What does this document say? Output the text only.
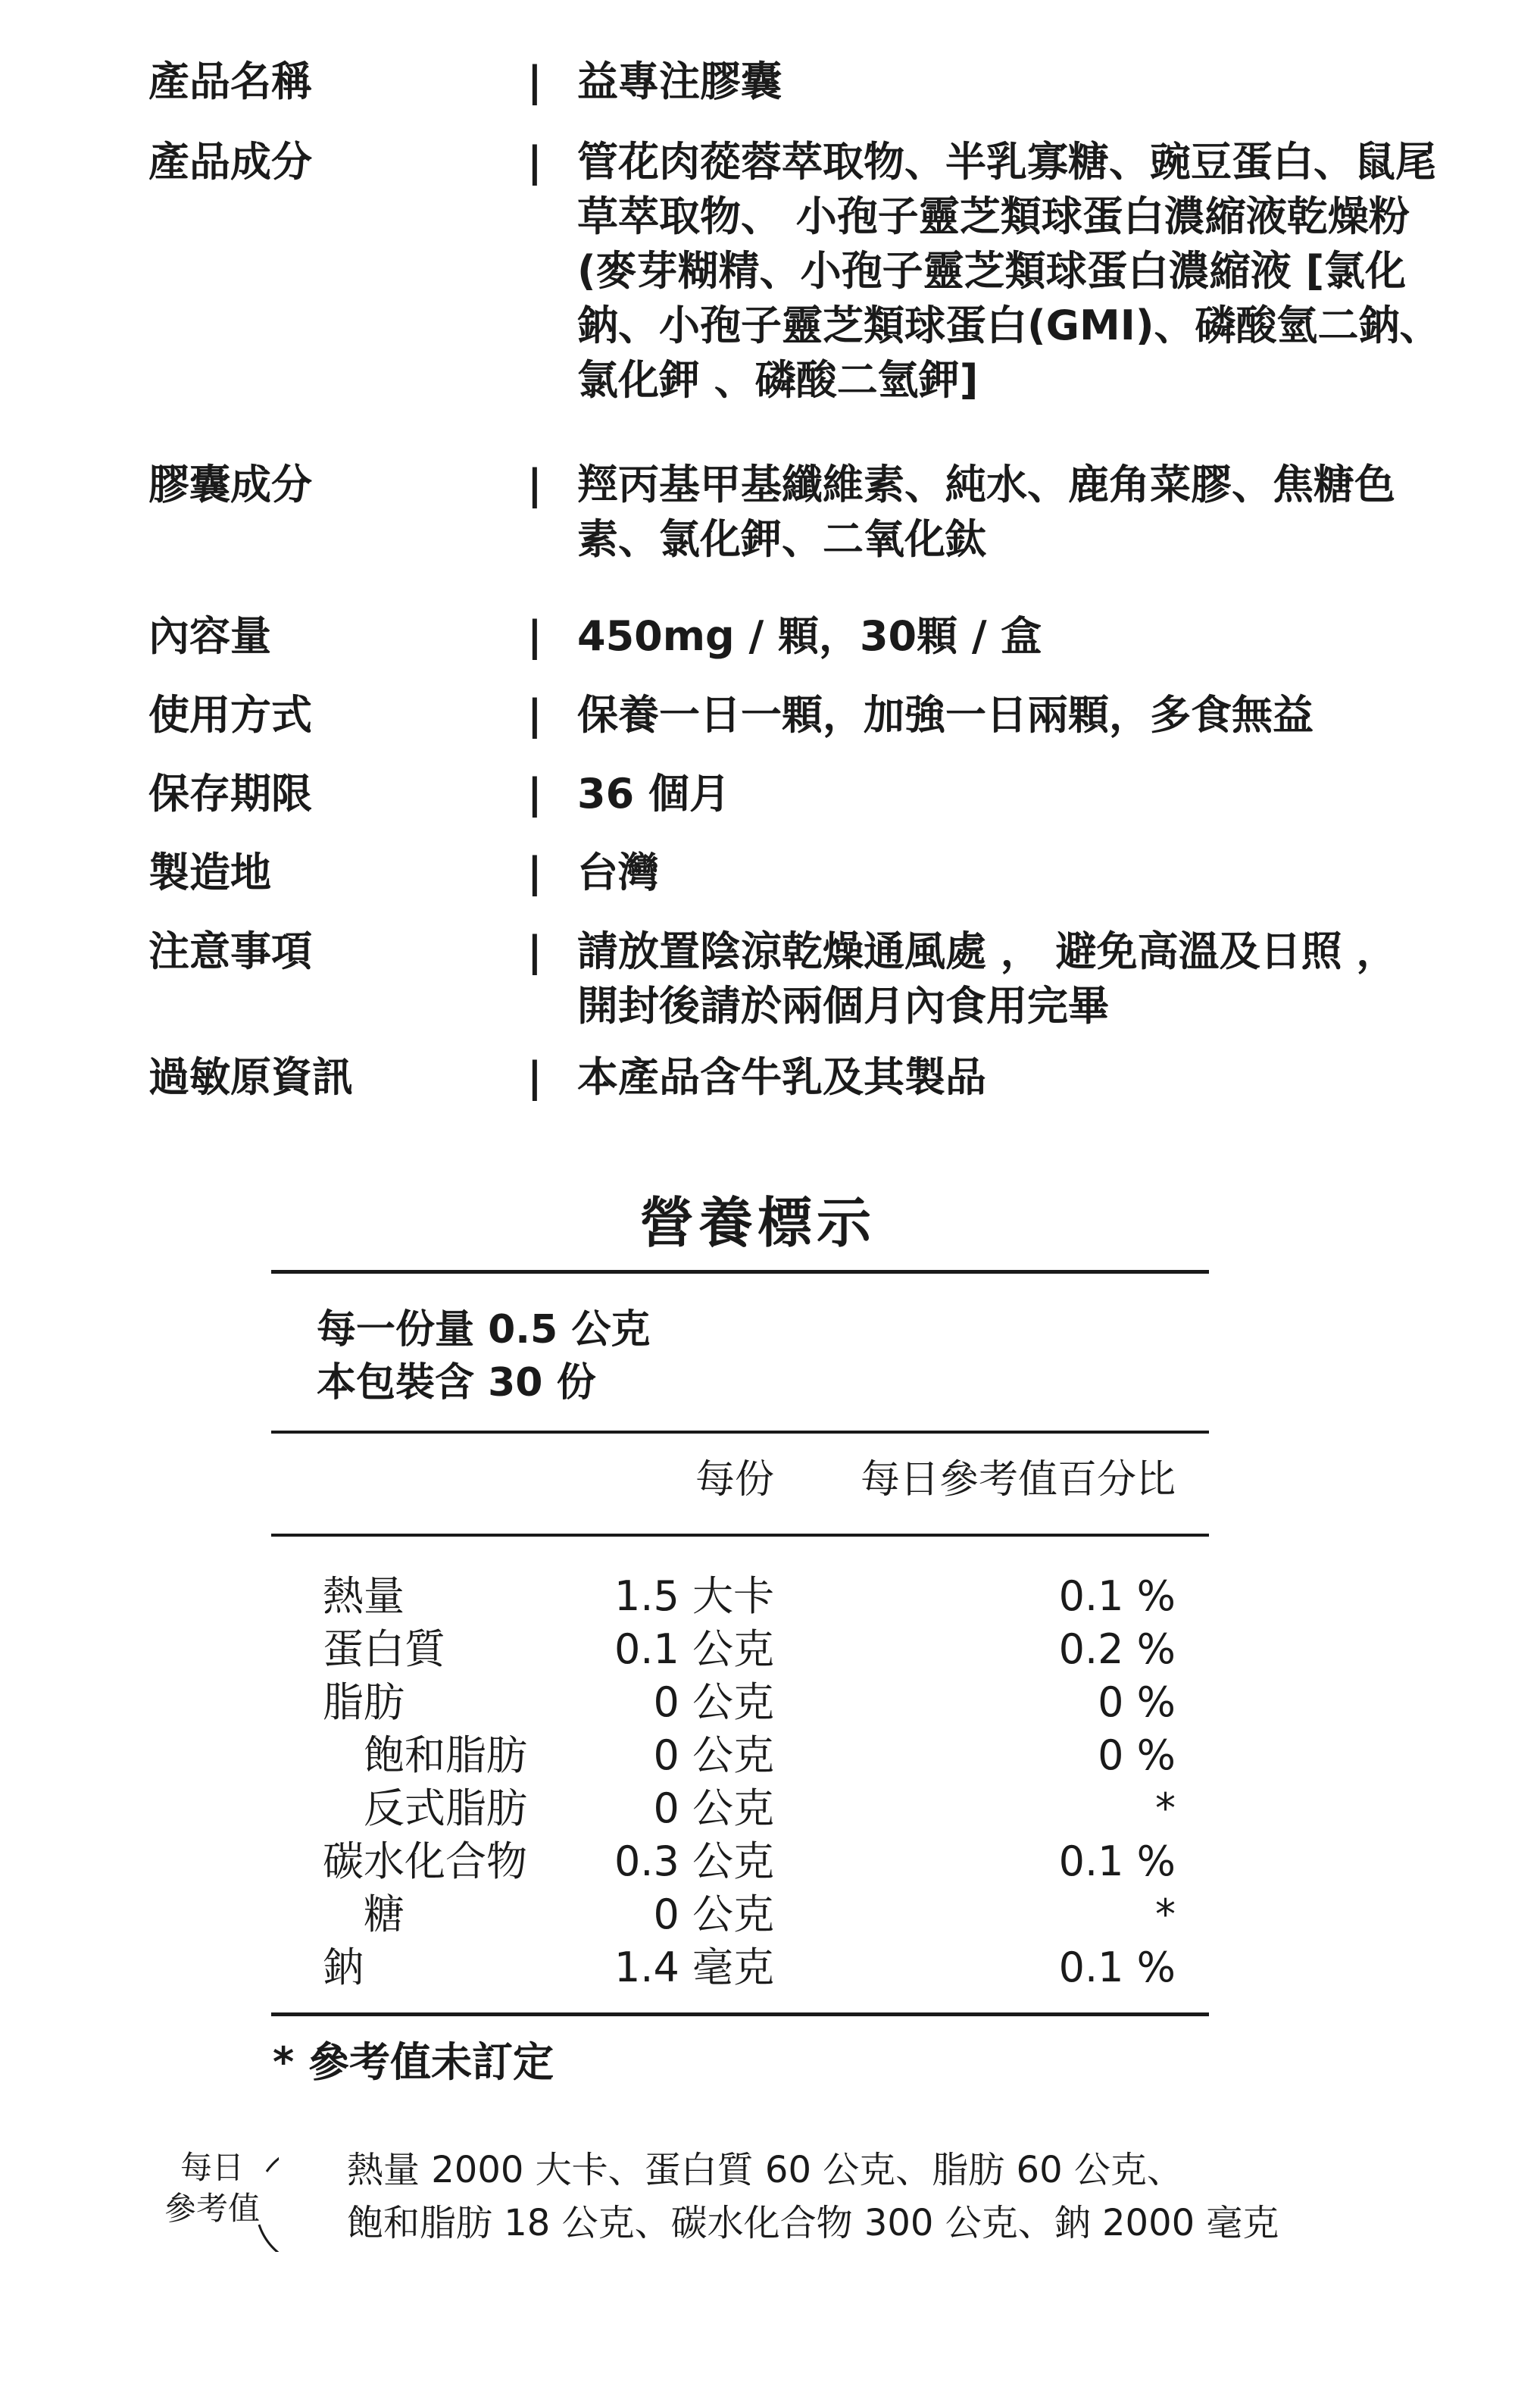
產品名稱	| 益專注膠囊
產品成分	| 管花肉蓯蓉萃取物、半乳寡糖、豌豆蛋白、鼠尾
草萃取物、 小孢子靈芝類球蛋白濃縮液乾燥粉
(麥芽糊精、小孢子靈芝類球蛋白濃縮液 [氯化
鈉、小孢子靈芝類球蛋白(GMI)、磷酸氫二鈉、
氯化鉀 、磷酸二氫鉀]
膠囊成分	| 羥丙基甲基纖維素、純水、鹿角菜膠、焦糖色
素、氯化鉀、二氧化鈦
內容量	| 450mg / 顆，30顆 / 盒
使用方式	| 保養一日一顆，加強一日兩顆，多食無益
保存期限	| 36 個月
製造地	| 台灣
注意事項	| 請放置陰涼乾燥通風處 ， 避免高溫及日照 ，
開封後請於兩個月內食用完畢
過敏原資訊	| 本產品含牛乳及其製品
營養標示
每一份量 0.5 公克
本包裝含 30 份
每份 每日參考值百分比
熱量	1.5 大卡	0.1 %
蛋白質	0.1 公克	0.2 %
脂肪	0 公克	0 %
飽和脂肪	0 公克	0 %
反式脂肪	0 公克	*
碳水化合物 0.3 公克	0.1 %
糖	0 公克	*
鈉	1.4 毫克	0.1 %
* 參考值未訂定
每日
參考值
熱量 2000 大卡、蛋白質 60 公克、脂肪 60 公克、
飽和脂肪 18 公克、碳水化合物 300 公克、鈉 2000 毫克
